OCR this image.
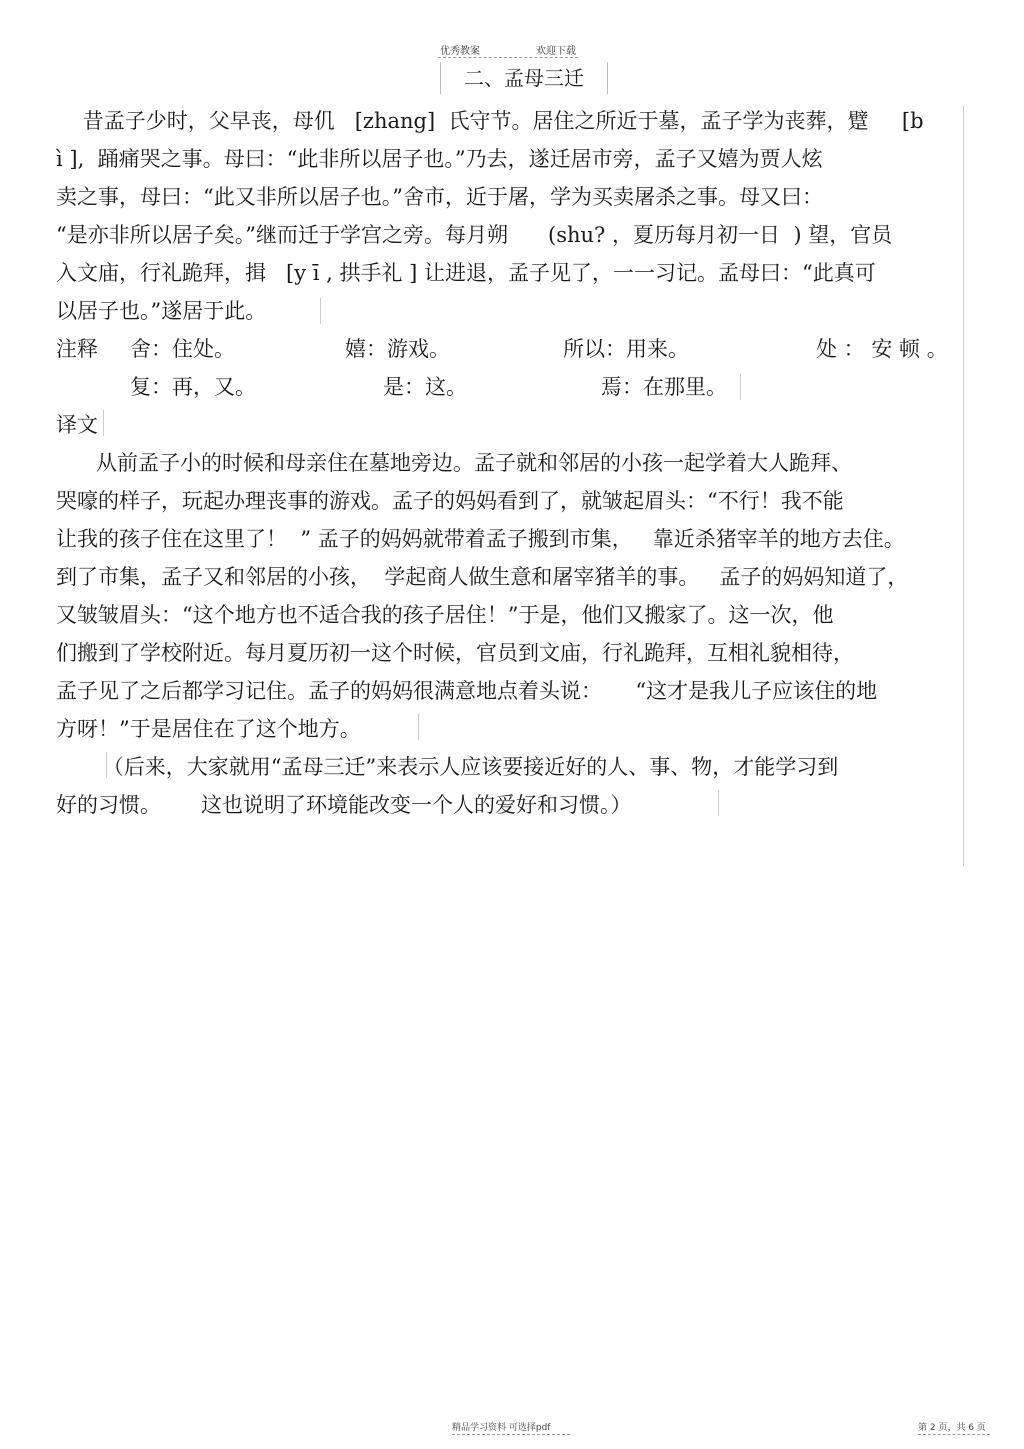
优秀教案	欢迎下载
二、孟母三迁
昔孟子少时，父早丧，母仉   [zhang]  氏守节。居住之所近于墓，孟子学为丧葬，躄     [b
ì ],  踊痛哭之事。母曰：“此非所以居子也。”乃去，遂迁居市旁，孟子又嬉为贾人炫
卖之事，母曰：“此又非所以居子也。”舍市，近于屠，学为买卖屠杀之事。母又曰：
“是亦非所以居子矣。”继而迁于学宫之旁。每月朔      (shu? ，夏历每月初一日  ) 望，官员
入文庙，行礼跪拜，揖   [y ī , 拱手礼 ] 让进退，孟子见了，一一习记。孟母曰：“此真可
以居子也。”遂居于此。
注释 舍：住处。	嬉：游戏。	所以：用来。	处 ： 安 顿 。
复：再，又。	是：这。	焉：在那里。
译文
从前孟子小的时候和母亲住在墓地旁边。孟子就和邻居的小孩一起学着大人跪拜、
哭嚎的样子，玩起办理丧事的游戏。孟子的妈妈看到了，就皱起眉头：“不行！我不能
让我的孩子住在这里了！  ” 孟子的妈妈就带着孟子搬到市集，   靠近杀猪宰羊的地方去住。
到了市集，孟子又和邻居的小孩，  学起商人做生意和屠宰猪羊的事。   孟子的妈妈知道了，
又皱皱眉头：“这个地方也不适合我的孩子居住！”于是，他们又搬家了。这一次，他
们搬到了学校附近。每月夏历初一这个时候，官员到文庙，行礼跪拜，互相礼貌相待，
孟子见了之后都学习记住。孟子的妈妈很满意地点着头说：     “这才是我儿子应该住的地
方呀！”于是居住在了这个地方。
（后来，大家就用“孟母三迁”来表示人应该要接近好的人、事、物，才能学习到
好的习惯。      这也说明了环境能改变一个人的爱好和习惯。）
精品学习资料 可选择pdf	第 2 页，共 6 页
